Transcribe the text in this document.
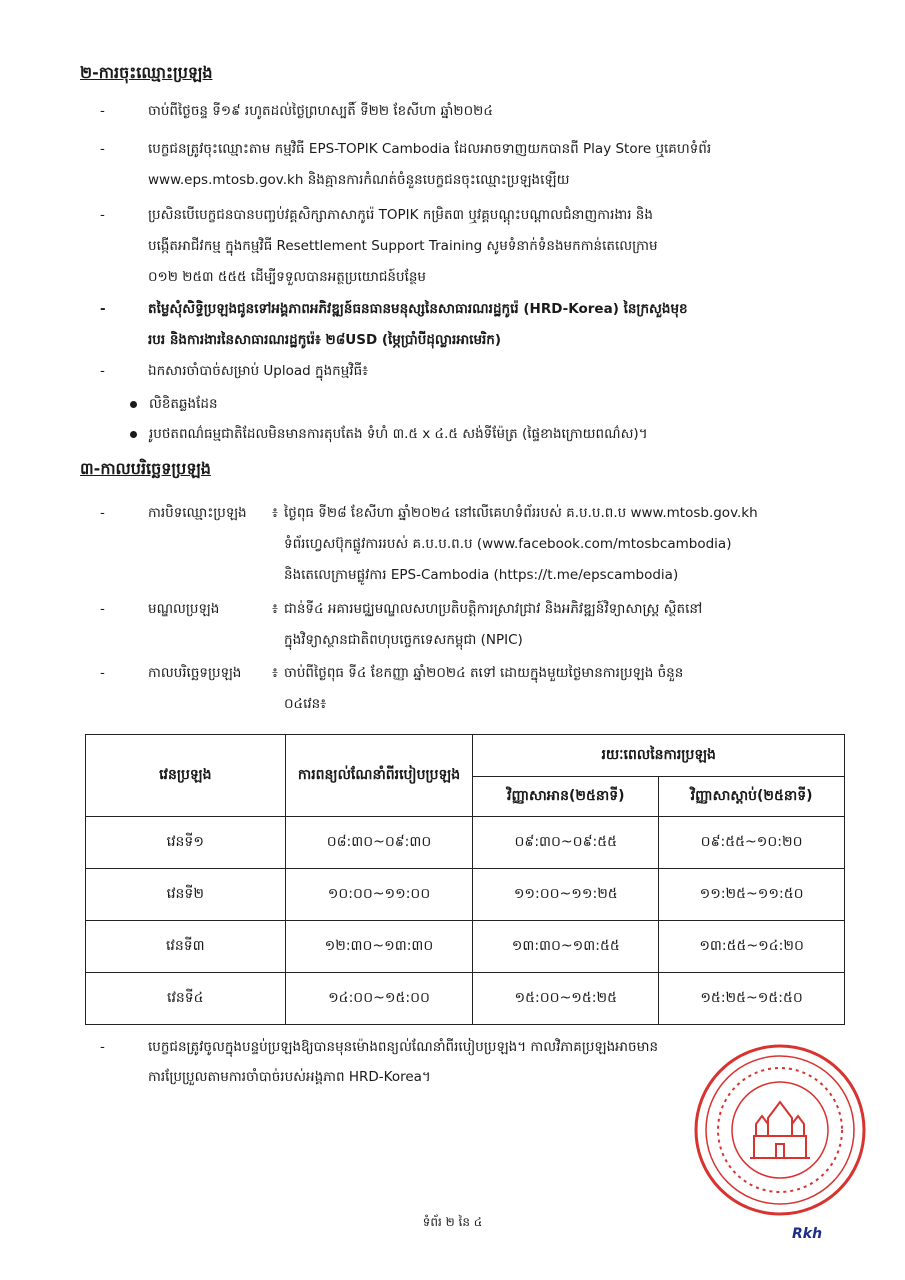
២-ការចុះឈ្មោះប្រឡង
-	ចាប់ពីថ្ងៃចន្ទ ទី១៩ រហូតដល់ថ្ងៃព្រហស្បតិ៍ ទី២២ ខែសីហា ឆ្នាំ២០២៤
-	បេក្ខជនត្រូវចុះឈ្មោះតាម កម្មវិធី EPS-TOPIK Cambodia ដែលអាចទាញយកបានពី Play Store ឬគេហទំព័រ
www.eps.mtosb.gov.kh និងគ្មានការកំណត់ចំនួនបេក្ខជនចុះឈ្មោះប្រឡងឡើយ
-	ប្រសិនបើបេក្ខជនបានបញ្ចប់វគ្គសិក្សាភាសាកូរ៉េ TOPIK កម្រិត៣ ឬវគ្គបណ្តុះបណ្តាលជំនាញការងារ និង
បង្កើតអាជីវកម្ម ក្នុងកម្មវិធី Resettlement Support Training សូមទំនាក់ទំនងមកកាន់តេលេក្រាម
០១២ ២៥៣ ៥៥៥ ដើម្បីទទួលបានអត្ថប្រយោជន៍បន្ថែម
-	តម្លៃសុំសិទ្ធិប្រឡងជូនទៅអង្គភាពអភិវឌ្ឍន៍ធនធានមនុស្សនៃសាធារណរដ្ឋកូរ៉េ (HRD-Korea) នៃក្រសួងមុខ
របរ និងការងារនៃសាធារណរដ្ឋកូរ៉េ៖ ២៨USD (ម្ភៃប្រាំបីដុល្លារអាមេរិក)
-	ឯកសារចាំបាច់សម្រាប់ Upload ក្នុងកម្មវិធី៖
លិខិតឆ្លងដែន
រូបថតពណ៌ធម្មជាតិដែលមិនមានការតុបតែង ទំហំ ៣.៥ x ៤.៥ សង់ទីម៉ែត្រ (ផ្ទៃខាងក្រោយពណ៌ស)។
៣-កាលបរិច្ឆេទប្រឡង
-	ការបិទឈ្មោះប្រឡង	៖ ថ្ងៃពុធ ទី២៨ ខែសីហា ឆ្នាំ២០២៤ នៅលើគេហទំព័ររបស់ គ.ប.ប.ព.ប www.mtosb.gov.kh
ទំព័រហ្វេសប៊ុកផ្លូវការរបស់ គ.ប.ប.ព.ប (www.facebook.com/mtosbcambodia)
និងតេលេក្រាមផ្លូវការ EPS-Cambodia (https://t.me/epscambodia)
-	មណ្ឌលប្រឡង	៖ ជាន់ទី៤ អគារមជ្ឈមណ្ឌលសហប្រតិបត្តិការស្រាវជ្រាវ និងអភិវឌ្ឍន៍វិទ្យាសាស្ត្រ ស្ថិតនៅ
ក្នុងវិទ្យាស្ថានជាតិពហុបច្ចេកទេសកម្ពុជា (NPIC)
-	កាលបរិច្ឆេទប្រឡង	៖ ចាប់ពីថ្ងៃពុធ ទី៤ ខែកញ្ញា ឆ្នាំ២០២៤ តទៅ ដោយក្នុងមួយថ្ងៃមានការប្រឡង ចំនួន
០៤វេន៖
វេនប្រឡង	ការពន្យល់ណែនាំពីរបៀបប្រឡង	រយៈពេលនៃការប្រឡង	
		វិញ្ញាសាអាន(២៥នាទី)	វិញ្ញាសាស្តាប់(២៥នាទី)
វេនទី១	០៨:៣០~០៩:៣០	០៩:៣០~០៩:៥៥	០៩:៥៥~១០:២០
វេនទី២	១០:០០~១១:០០	១១:០០~១១:២៥	១១:២៥~១១:៥០
វេនទី៣	១២:៣០~១៣:៣០	១៣:៣០~១៣:៥៥	១៣:៥៥~១៤:២០
វេនទី៤	១៤:០០~១៥:០០	១៥:០០~១៥:២៥	១៥:២៥~១៥:៥០
-	បេក្ខជនត្រូវចូលក្នុងបន្ទប់ប្រឡងឱ្យបានមុនម៉ោងពន្យល់ណែនាំពីរបៀបប្រឡង។ កាលវិភាគប្រឡងអាចមាន
ការប្រែប្រួលតាមការចាំបាច់របស់អង្គភាព HRD-Korea។
ទំព័រ ២ នៃ ៤
Rkh
